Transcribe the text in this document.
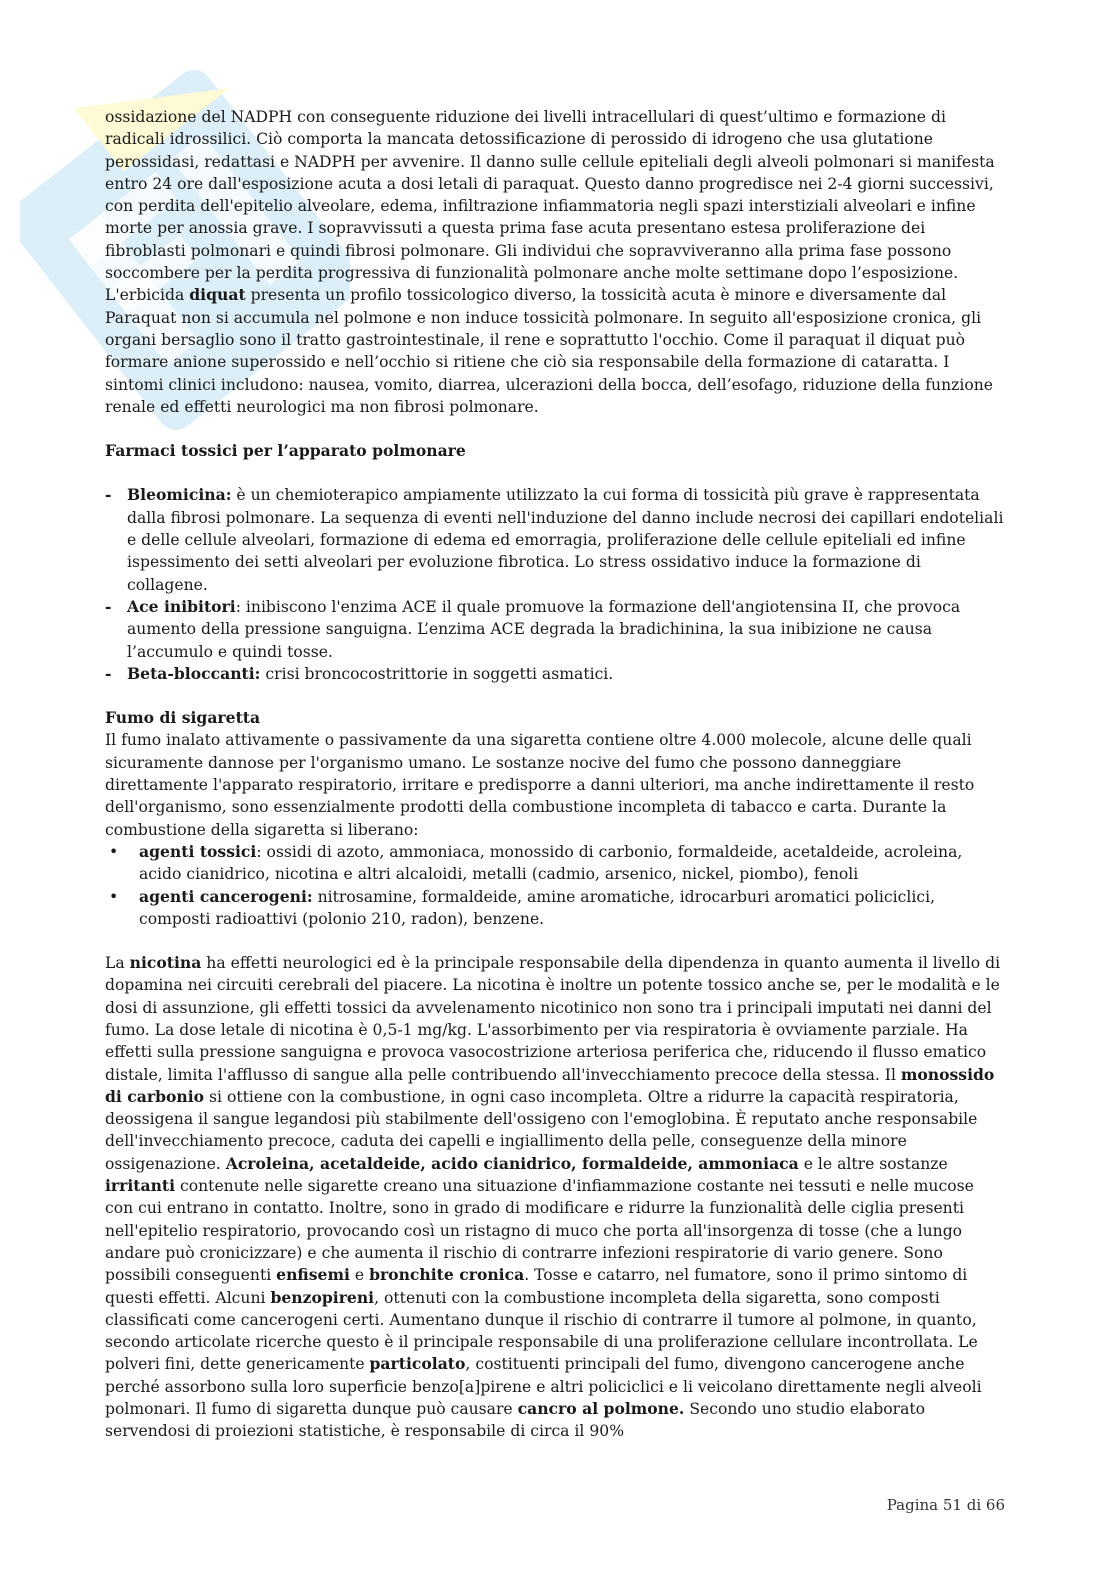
ossidazione del NADPH con conseguente riduzione dei livelli intracellulari di quest’ultimo e formazione di radicali idrossilici. Ciò comporta la mancata detossificazione di perossido di idrogeno che usa glutatione perossidasi, redattasi e NADPH per avvenire. Il danno sulle cellule epiteliali degli alveoli polmonari si manifesta entro 24 ore dall'esposizione acuta a dosi letali di paraquat. Questo danno progredisce nei 2-4 giorni successivi, con perdita dell'epitelio alveolare, edema, infiltrazione infiammatoria negli spazi interstiziali alveolari e infine morte per anossia grave. I sopravvissuti a questa prima fase acuta presentano estesa proliferazione dei fibroblasti polmonari e quindi fibrosi polmonare. Gli individui che sopravviveranno alla prima fase possono soccombere per la perdita progressiva di funzionalità polmonare anche molte settimane dopo l’esposizione. L'erbicida diquat presenta un profilo tossicologico diverso, la tossicità acuta è minore e diversamente dal Paraquat non si accumula nel polmone e non induce tossicità polmonare. In seguito all'esposizione cronica, gli organi bersaglio sono il tratto gastrointestinale, il rene e soprattutto l'occhio. Come il paraquat il diquat può formare anione superossido e nell’occhio si ritiene che ciò sia responsabile della formazione di cataratta. I sintomi clinici includono: nausea, vomito, diarrea, ulcerazioni della bocca, dell’esofago, riduzione della funzione renale ed effetti neurologici ma non fibrosi polmonare.

Farmaci tossici per l’apparato polmonare

- Bleomicina: è un chemioterapico ampiamente utilizzato la cui forma di tossicità più grave è rappresentata dalla fibrosi polmonare. La sequenza di eventi nell'induzione del danno include necrosi dei capillari endoteliali e delle cellule alveolari, formazione di edema ed emorragia, proliferazione delle cellule epiteliali ed infine ispessimento dei setti alveolari per evoluzione fibrotica. Lo stress ossidativo induce la formazione di collagene.
- Ace inibitori: inibiscono l'enzima ACE il quale promuove la formazione dell'angiotensina II, che provoca aumento della pressione sanguigna. L’enzima ACE degrada la bradichinina, la sua inibizione ne causa l’accumulo e quindi tosse.
- Beta-bloccanti: crisi broncocostrittorie in soggetti asmatici.

Fumo di sigaretta

Il fumo inalato attivamente o passivamente da una sigaretta contiene oltre 4.000 molecole, alcune delle quali sicuramente dannose per l'organismo umano. Le sostanze nocive del fumo che possono danneggiare direttamente l'apparato respiratorio, irritare e predisporre a danni ulteriori, ma anche indirettamente il resto dell'organismo, sono essenzialmente prodotti della combustione incompleta di tabacco e carta. Durante la combustione della sigaretta si liberano:

• agenti tossici: ossidi di azoto, ammoniaca, monossido di carbonio, formaldeide, acetaldeide, acroleina, acido cianidrico, nicotina e altri alcaloidi, metalli (cadmio, arsenico, nickel, piombo), fenoli
• agenti cancerogeni: nitrosamine, formaldeide, amine aromatiche, idrocarburi aromatici policiclici, composti radioattivi (polonio 210, radon), benzene.

La nicotina ha effetti neurologici ed è la principale responsabile della dipendenza in quanto aumenta il livello di dopamina nei circuiti cerebrali del piacere. La nicotina è inoltre un potente tossico anche se, per le modalità e le dosi di assunzione, gli effetti tossici da avvelenamento nicotinico non sono tra i principali imputati nei danni del fumo. La dose letale di nicotina è 0,5-1 mg/kg. L'assorbimento per via respiratoria è ovviamente parziale. Ha effetti sulla pressione sanguigna e provoca vasocostrizione arteriosa periferica che, riducendo il flusso ematico distale, limita l'afflusso di sangue alla pelle contribuendo all'invecchiamento precoce della stessa. Il monossido di carbonio si ottiene con la combustione, in ogni caso incompleta. Oltre a ridurre la capacità respiratoria, deossigena il sangue legandosi più stabilmente dell'ossigeno con l'emoglobina. È reputato anche responsabile dell'invecchiamento precoce, caduta dei capelli e ingiallimento della pelle, conseguenze della minore ossigenazione. Acroleina, acetaldeide, acido cianidrico, formaldeide, ammoniaca e le altre sostanze irritanti contenute nelle sigarette creano una situazione d'infiammazione costante nei tessuti e nelle mucose con cui entrano in contatto. Inoltre, sono in grado di modificare e ridurre la funzionalità delle ciglia presenti nell'epitelio respiratorio, provocando così un ristagno di muco che porta all'insorgenza di tosse (che a lungo andare può cronicizzare) e che aumenta il rischio di contrarre infezioni respiratorie di vario genere. Sono possibili conseguenti enfisemi e bronchite cronica. Tosse e catarro, nel fumatore, sono il primo sintomo di questi effetti. Alcuni benzopireni, ottenuti con la combustione incompleta della sigaretta, sono composti classificati come cancerogeni certi. Aumentano dunque il rischio di contrarre il tumore al polmone, in quanto, secondo articolate ricerche questo è il principale responsabile di una proliferazione cellulare incontrollata. Le polveri fini, dette genericamente particolato, costituenti principali del fumo, divengono cancerogene anche perché assorbono sulla loro superficie benzo[a]pirene e altri policiclici e li veicolano direttamente negli alveoli polmonari. Il fumo di sigaretta dunque può causare cancro al polmone. Secondo uno studio elaborato servendosi di proiezioni statistiche, è responsabile di circa il 90%

Pagina 51 di 66
